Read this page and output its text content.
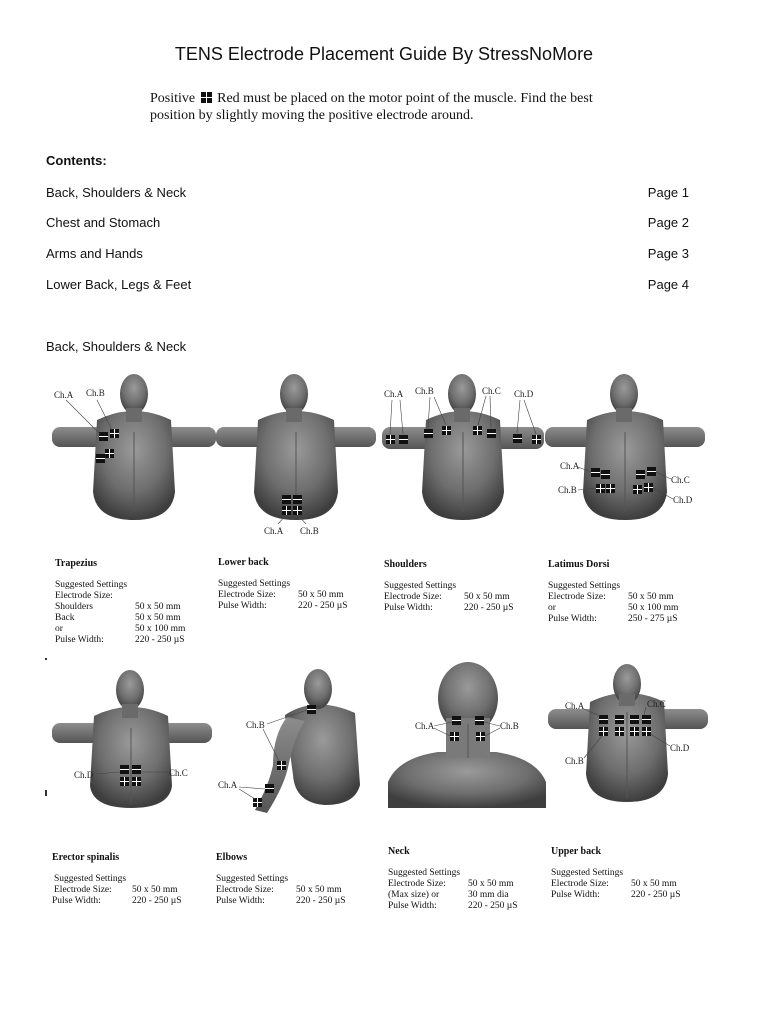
TENS Electrode Placement Guide By StressNoMore
Positive Red must be placed on the motor point of the muscle. Find the best
position by slightly moving the positive electrode around.
Contents:
Back, Shoulders & Neck	Page 1
Chest and Stomach	Page 2
Arms and Hands	Page 3
Lower Back, Legs & Feet	Page 4
Back, Shoulders & Neck
Ch.A Ch.B
Trapezius
Suggested Settings
Electrode Size:
Shoulders	50 x 50 mm
Back	50 x 50 mm
or	50 x 100 mm
Pulse Width:	220 - 250 µS
Ch.A Ch.B
Lower back
Suggested Settings
Electrode Size: 50 x 50 mm
Pulse Width:	220 - 250 µS
Ch.A Ch.B	Ch.C Ch.D
Shoulders
Suggested Settings
Electrode Size: 50 x 50 mm
Pulse Width:	220 - 250 µS
Ch.A
Ch.B
Ch.C
Ch.D
Latimus Dorsi
Suggested Settings
Electrode Size: 50 x 50 mm
or	50 x 100 mm
Pulse Width:	250 - 275 µS
Ch.D	Ch.C
Erector spinalis
Suggested Settings
Electrode Size: 50 x 50 mm
Pulse Width:	220 - 250 µS
Ch.B
Ch.A
Elbows
Suggested Settings
Electrode Size: 50 x 50 mm
Pulse Width:	220 - 250 µS
Ch.A	Ch.B
Neck
Suggested Settings
Electrode Size: 50 x 50 mm
(Max size) or	30 mm dia
Pulse Width:	220 - 250 µS
Ch.A	Ch.C
Ch.B
Ch.D
Upper back
Suggested Settings
Electrode Size: 50 x 50 mm
Pulse Width:	220 - 250 µS
